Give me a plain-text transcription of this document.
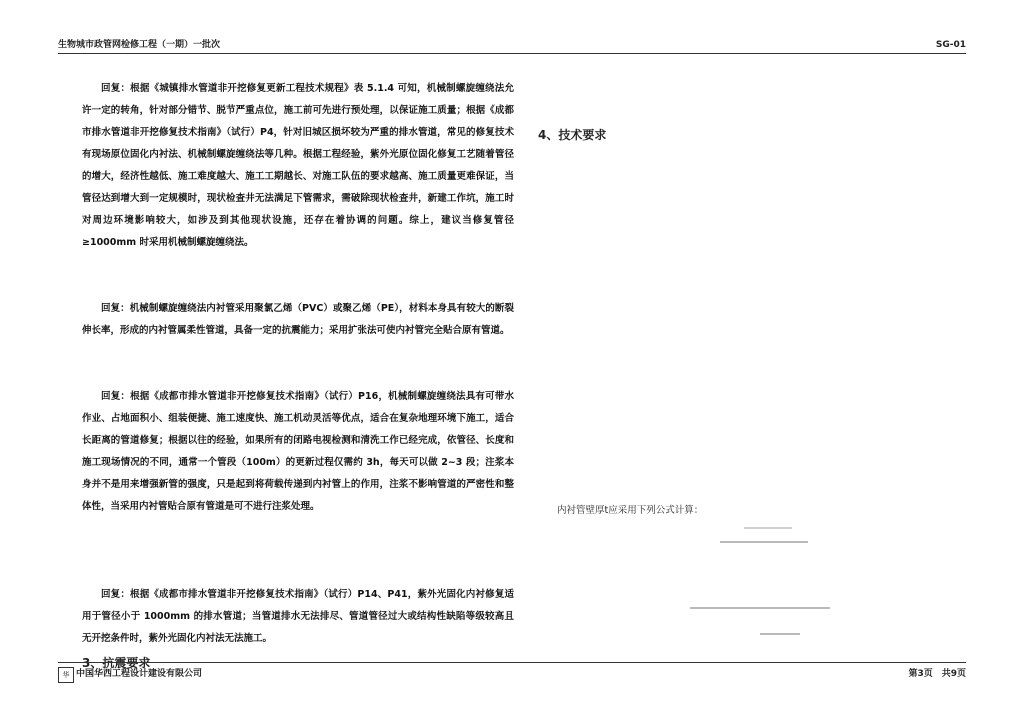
生物城市政管网检修工程（一期）一批次	SG-01

回复：根据《城镇排水管道非开挖修复更新工程技术规程》表 5.1.4 可知，机械制螺旋缠绕法允许一定的转角，针对部分错节、脱节严重点位，施工前可先进行预处理，以保证施工质量；根据《成都市排水管道非开挖修复技术指南》（试行）P4，针对旧城区损坏较为严重的排水管道，常见的修复技术有现场原位固化内衬法、机械制螺旋缠绕法等几种。根据工程经验，紫外光原位固化修复工艺随着管径的增大，经济性越低、施工难度越大、施工工期越长、对施工队伍的要求越高、施工质量更难保证，当管径达到增大到一定规模时，现状检查井无法满足下管需求，需破除现状检查井，新建工作坑，施工时对周边环境影响较大，如涉及到其他现状设施，还存在着协调的问题。综上，建议当修复管径≥1000mm 时采用机械制螺旋缠绕法。

回复：机械制螺旋缠绕法内衬管采用聚氯乙烯（PVC）或聚乙烯（PE），材料本身具有较大的断裂伸长率，形成的内衬管属柔性管道，具备一定的抗震能力；采用扩张法可使内衬管完全贴合原有管道。

回复：根据《成都市排水管道非开挖修复技术指南》（试行）P16，机械制螺旋缠绕法具有可带水作业、占地面积小、组装便捷、施工速度快、施工机动灵活等优点，适合在复杂地理环境下施工，适合长距离的管道修复；根据以往的经验，如果所有的闭路电视检测和清洗工作已经完成，依管径、长度和施工现场情况的不同，通常一个管段（100m）的更新过程仅需约 3h，每天可以做 2~3 段；注浆本身并不是用来增强新管的强度，只是起到将荷载传递到内衬管上的作用，注浆不影响管道的严密性和整体性，当采用内衬管贴合原有管道是可不进行注浆处理。

回复：根据《成都市排水管道非开挖修复技术指南》（试行）P14、P41，紫外光固化内衬修复适用于管径小于 1000mm 的排水管道；当管道排水无法排尽、管道管径过大或结构性缺陷等级较高且无开挖条件时，紫外光固化内衬法无法施工。

3、抗震要求

4、技术要求

内衬管壁厚t应采用下列公式计算：

华 中国华西工程设计建设有限公司	第3页　共9页
